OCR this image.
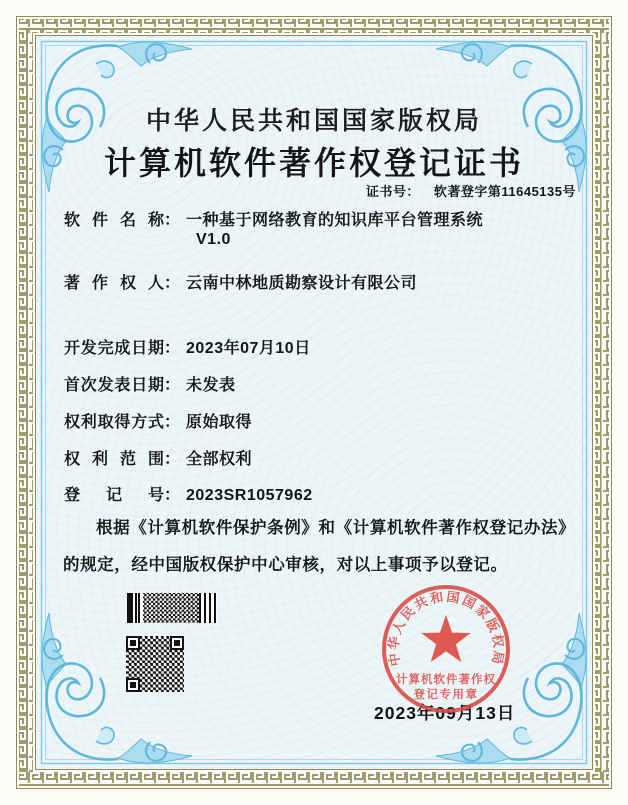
中华人民共和国国家版权局
计算机软件著作权登记证书
证书号： 软著登字第11645135号
软件名称： 一种基于网络教育的知识库平台管理系统
V1.0
著作权人： 云南中林地质勘察设计有限公司
开发完成日期： 2023年07月10日
首次发表日期： 未发表
权利取得方式： 原始取得
权利范围： 全部权利
登记号： 2023SR1057962
根据《计算机软件保护条例》和《计算机软件著作权登记办法》的规定，经中国版权保护中心审核，对以上事项予以登记。
2023年09月13日
中华人民共和国国家版权局
计算机软件著作权
登记专用章
